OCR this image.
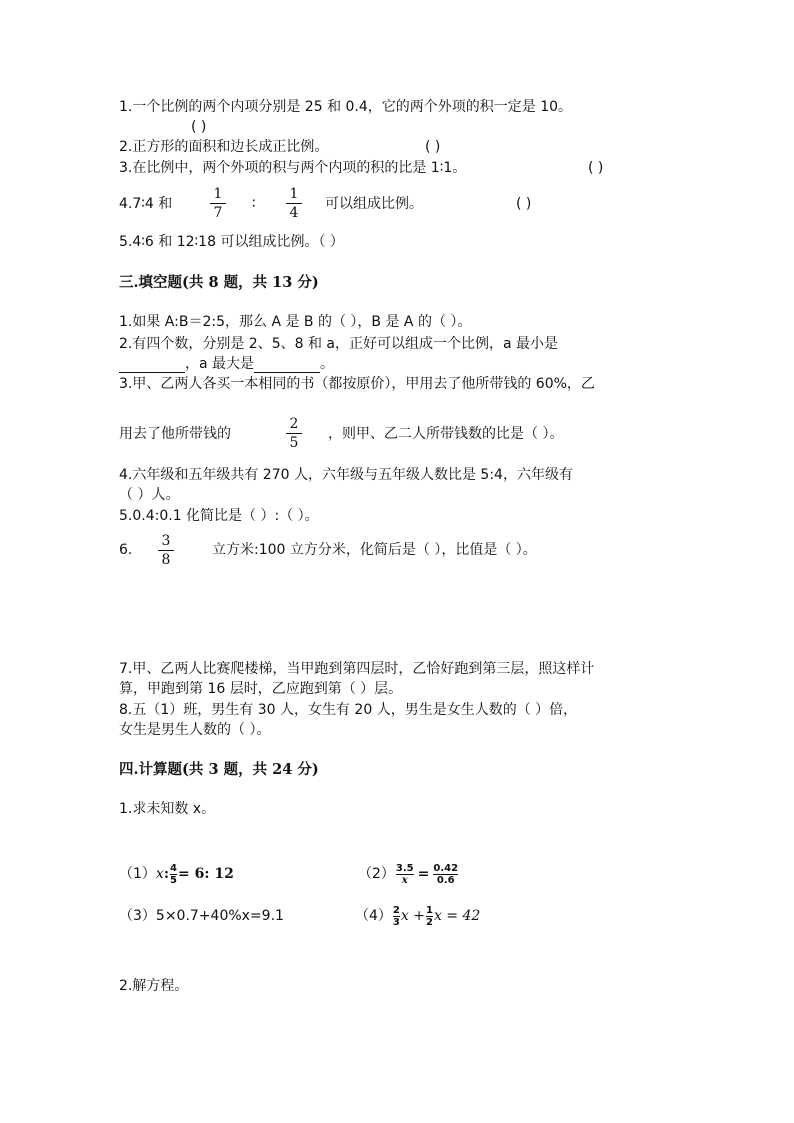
1.一个比例的两个内项分别是 25 和 0.4，它的两个外项的积一定是 10。
( )
2.正方形的面积和边长成正比例。	( )
3.在比例中，两个外项的积与两个内项的积的比是 1∶1。	( )
4.7∶4 和
1
7
∶
1
4
可以组成比例。	( )
5.4∶6 和 12∶18 可以组成比例。（ ）
三.填空题(共 8 题，共 13 分)
1.如果 A:B＝2:5，那么 A 是 B 的（ ），B 是 A 的（ ）。
2.有四个数，分别是 2、5、8 和 a，正好可以组成一个比例，a 最小是
，a 最大是	。
3.甲、乙两人各买一本相同的书（都按原价），甲用去了他所带钱的 60%，乙
用去了他所带钱的
2
5
，则甲、乙二人所带钱数的比是（ ）。
4.六年级和五年级共有 270 人，六年级与五年级人数比是 5:4，六年级有
（ ）人。
5.0.4:0.1 化简比是（ ）:（ ）。
6.
3
8
立方米:100 立方分米，化简后是（ ），比值是（ ）。
7.甲、乙两人比赛爬楼梯，当甲跑到第四层时，乙恰好跑到第三层，照这样计
算，甲跑到第 16 层时，乙应跑到第（ ）层。
8.五（1）班，男生有 30 人，女生有 20 人，男生是女生人数的（ ）倍，
女生是男生人数的（ ）。
四.计算题(共 3 题，共 24 分)
1.求未知数 x。
（1）x: $\frac{4}{5} = 6$: 12	$(2) \frac{3.5}{x} = \frac{0.42}{0.6}$
（3）5×0.7+40%x=9.1	$(4) \frac{2}{3}$ $x + \frac{1}{2}$ x = 42
2.解方程。
